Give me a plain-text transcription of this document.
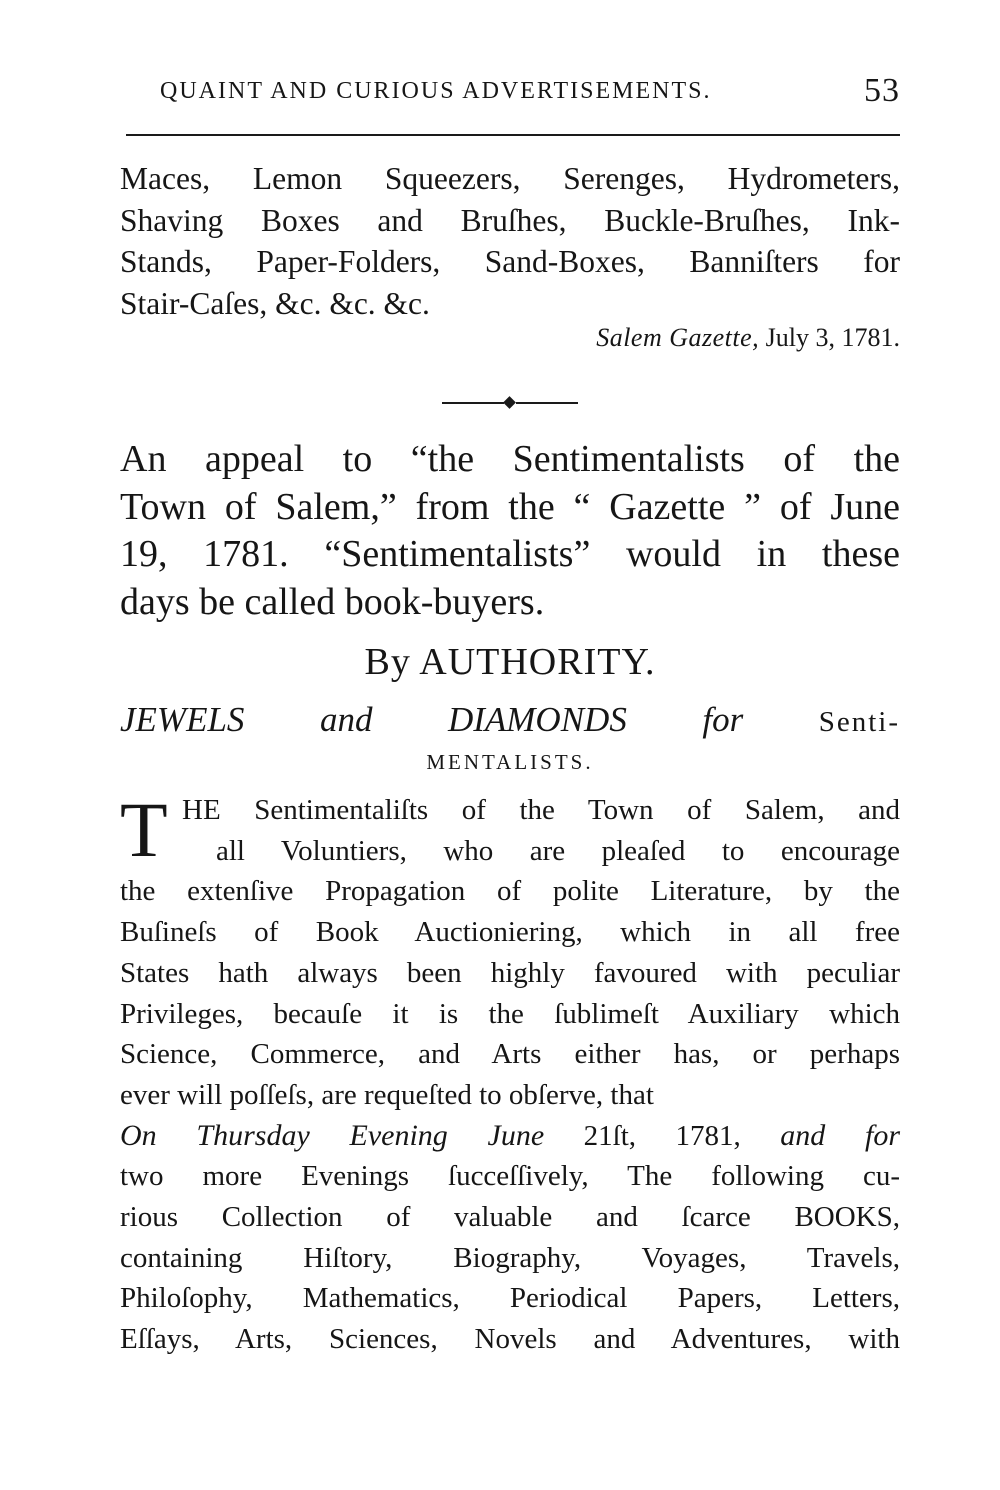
QUAINT AND CURIOUS ADVERTISEMENTS.	53
Maces, Lemon Squeezers, Serenges, Hydrometers,
Shaving Boxes and Bruſhes, Buckle-Bruſhes, Ink-
Stands, Paper-Folders, Sand-Boxes, Banniſters for
Stair-Caſes, &c. &c. &c.
Salem Gazette, July 3, 1781.
An appeal to “the Sentimentalists of the
Town of Salem,” from the “ Gazette ” of June
19, 1781. “Sentimentalists” would in these
days be called book-buyers.
By AUTHORITY.
JEWELS and DIAMONDS for	Senti-
MENTALISTS.
T HE Sentimentaliſts of the Town of Salem, and
all Voluntiers, who are pleaſed to encourage
the extenſive Propagation of polite Literature, by the
Buſineſs of Book Auctioniering, which in all free
States hath always been highly favoured with peculiar
Privileges, becauſe it is the ſublimeſt Auxiliary which
Science, Commerce, and Arts either has, or perhaps
ever will poſſeſs, are requeſted to obſerve, that
On Thursday Evening June 21ſt, 1781, and for
two more Evenings ſucceſſively, The following cu-
rious Collection of valuable and ſcarce BOOKS,
containing Hiſtory, Biography, Voyages, Travels,
Philoſophy, Mathematics, Periodical Papers, Letters,
Eſſays, Arts, Sciences, Novels and Adventures, with
